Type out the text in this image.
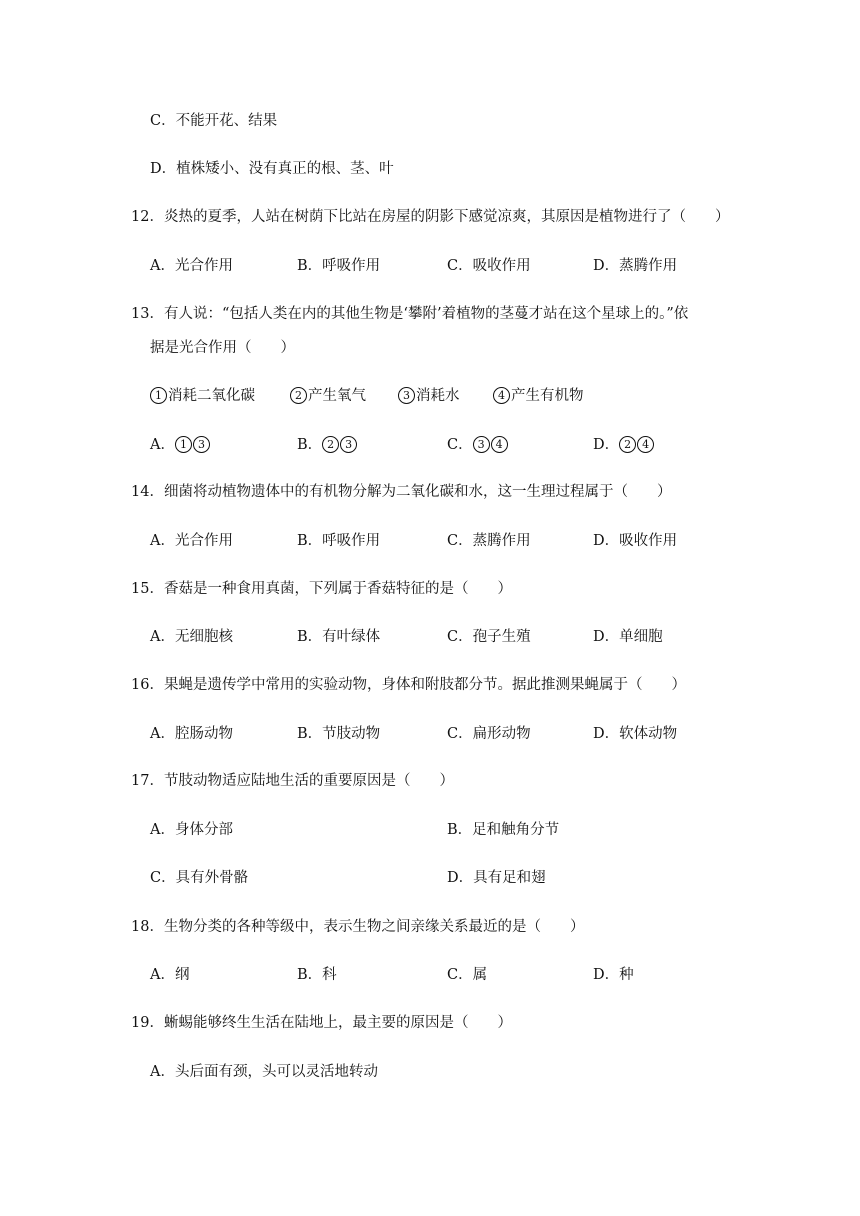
C．不能开花、结果
D．植株矮小、没有真正的根、茎、叶
12．炎热的夏季，人站在树荫下比站在房屋的阴影下感觉凉爽，其原因是植物进行了（　　）
A．光合作用	B．呼吸作用	C．吸收作用	D．蒸腾作用
13．有人说：“包括人类在内的其他生物是‘攀附’着植物的茎蔓才站在这个星球上的。”依
据是光合作用（　　）
1 消耗二氧化碳	2 产生氧气	3 消耗水	4 产生有机物
A． 1 3	B． 2 3	C． 3 4	D． 2 4
14．细菌将动植物遗体中的有机物分解为二氧化碳和水，这一生理过程属于（　　）
A．光合作用	B．呼吸作用	C．蒸腾作用	D．吸收作用
15．香菇是一种食用真菌，下列属于香菇特征的是（　　）
A．无细胞核	B．有叶绿体	C．孢子生殖	D．单细胞
16．果蝇是遗传学中常用的实验动物，身体和附肢都分节。据此推测果蝇属于（　　）
A．腔肠动物	B．节肢动物	C．扁形动物	D．软体动物
17．节肢动物适应陆地生活的重要原因是（　　）
A．身体分部	B．足和触角分节
C．具有外骨骼	D．具有足和翅
18．生物分类的各种等级中，表示生物之间亲缘关系最近的是（　　）
A．纲	B．科	C．属	D．种
19．蜥蜴能够终生生活在陆地上，最主要的原因是（　　）
A．头后面有颈，头可以灵活地转动
